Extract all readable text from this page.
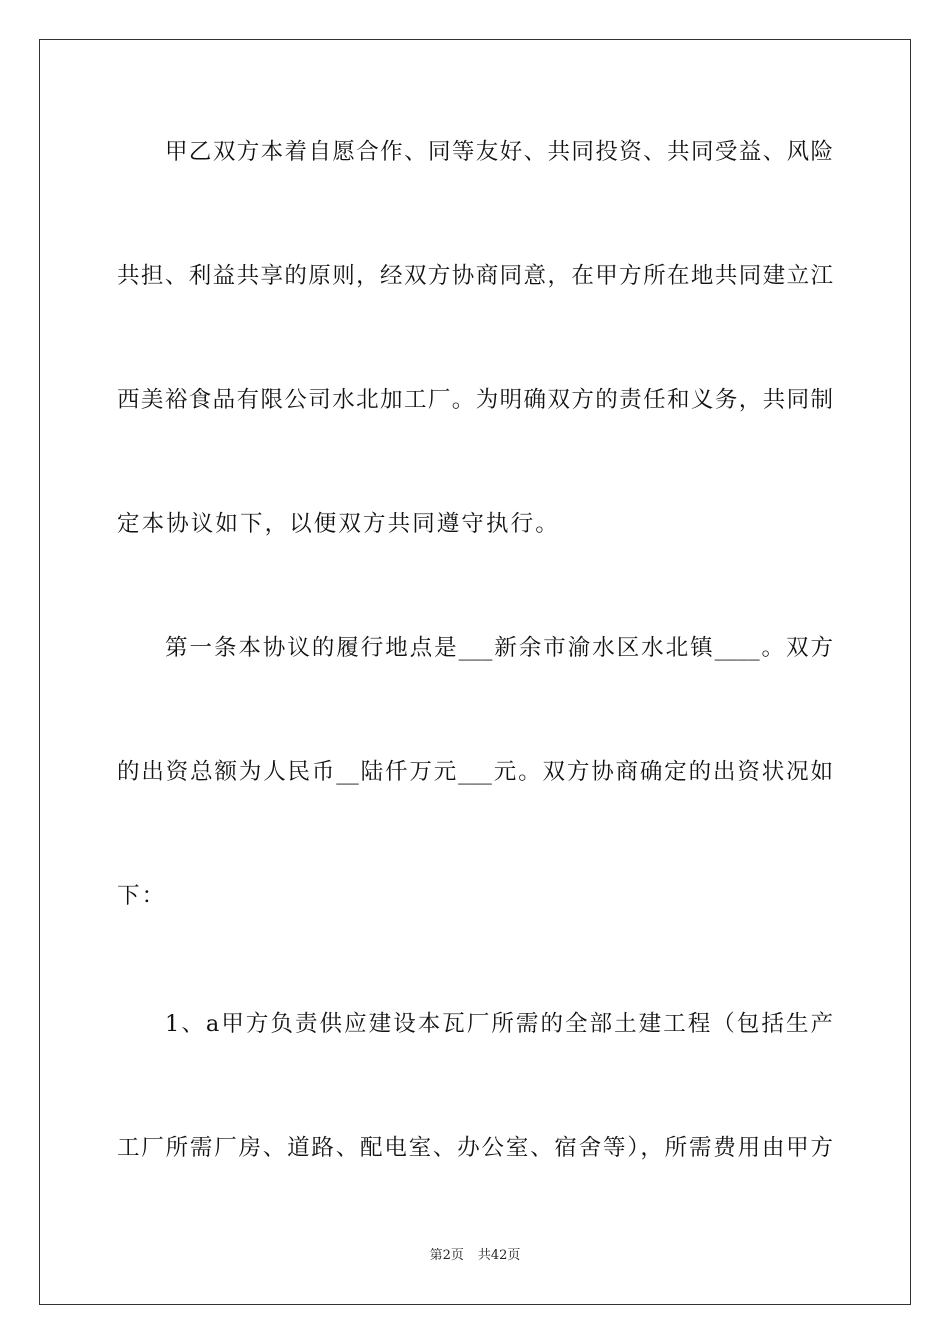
甲乙双方本着自愿合作、同等友好、共同投资、共同受益、风险
共担、利益共享的原则，经双方协商同意，在甲方所在地共同建立江
西美裕食品有限公司水北加工厂。为明确双方的责任和义务，共同制
定本协议如下，以便双方共同遵守执行。
第一条本协议的履行地点是___新余市渝水区水北镇____。双方
的出资总额为人民币__陆仟万元___元。双方协商确定的出资状况如
下：
1、a甲方负责供应建设本瓦厂所需的全部土建工程（包括生产
工厂所需厂房、道路、配电室、办公室、宿舍等），所需费用由甲方
第2页 共42页
